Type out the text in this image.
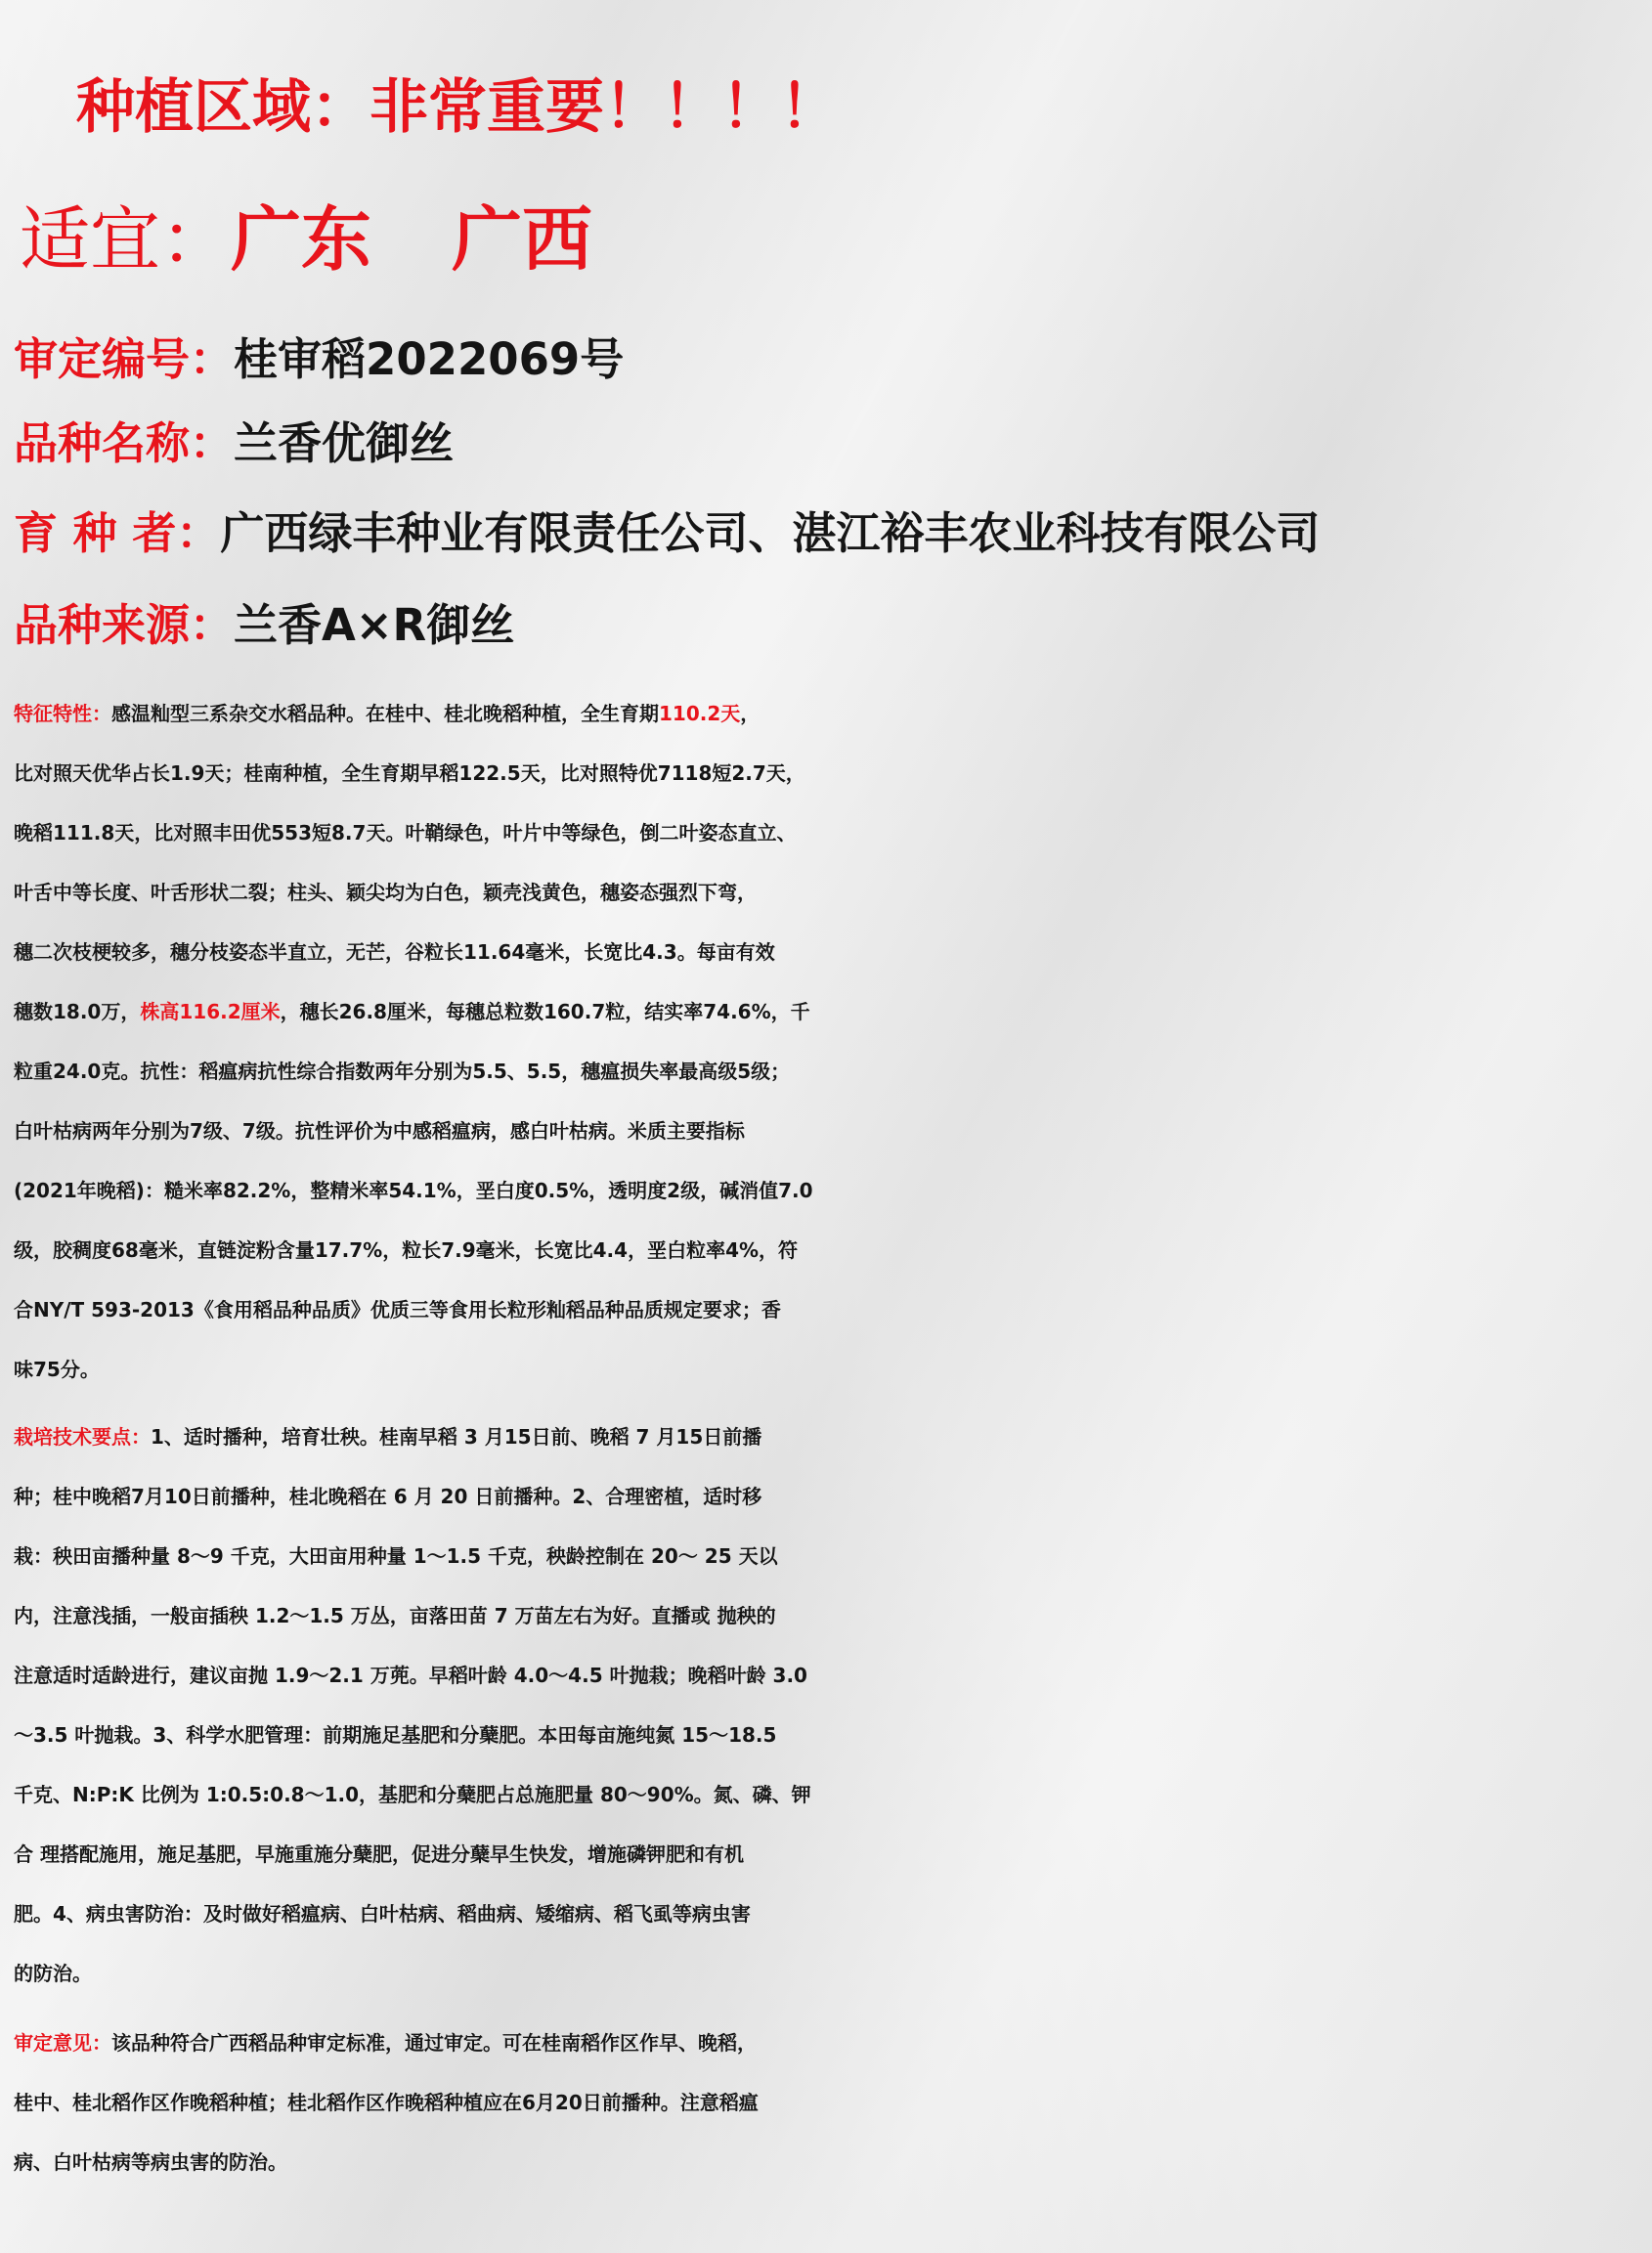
种植区域：非常重要！！！！
适宜：广东 广西
审定编号：桂审稻2022069号
品种名称：兰香优御丝
育 种 者：广西绿丰种业有限责任公司、湛江裕丰农业科技有限公司
品种来源：兰香A×R御丝
特征特性：感温籼型三系杂交水稻品种。在桂中、桂北晚稻种植，全生育期110.2天，
比对照天优华占长1.9天；桂南种植，全生育期早稻122.5天，比对照特优7118短2.7天，
晚稻111.8天，比对照丰田优553短8.7天。叶鞘绿色，叶片中等绿色，倒二叶姿态直立、
叶舌中等长度、叶舌形状二裂；柱头、颖尖均为白色，颖壳浅黄色，穗姿态强烈下弯，
穗二次枝梗较多，穗分枝姿态半直立，无芒，谷粒长11.64毫米，长宽比4.3。每亩有效
穗数18.0万，株高116.2厘米，穗长26.8厘米，每穗总粒数160.7粒，结实率74.6%，千
粒重24.0克。抗性：稻瘟病抗性综合指数两年分别为5.5、5.5，穗瘟损失率最高级5级；
白叶枯病两年分别为7级、7级。抗性评价为中感稻瘟病，感白叶枯病。米质主要指标
(2021年晚稻)：糙米率82.2%，整精米率54.1%，垩白度0.5%，透明度2级，碱消值7.0
级，胶稠度68毫米，直链淀粉含量17.7%，粒长7.9毫米，长宽比4.4，垩白粒率4%，符
合NY/T 593-2013《食用稻品种品质》优质三等食用长粒形籼稻品种品质规定要求；香
味75分。
栽培技术要点：1、适时播种，培育壮秧。桂南早稻 3 月15日前、晚稻 7 月15日前播
种；桂中晚稻7月10日前播种，桂北晚稻在 6 月 20 日前播种。2、合理密植，适时移
栽：秧田亩播种量 8～9 千克，大田亩用种量 1～1.5 千克，秧龄控制在 20～ 25 天以
内，注意浅插，一般亩插秧 1.2～1.5 万丛，亩落田苗 7 万苗左右为好。直播或 抛秧的
注意适时适龄进行，建议亩抛 1.9～2.1 万蔸。早稻叶龄 4.0～4.5 叶抛栽；晚稻叶龄 3.0
～3.5 叶抛栽。3、科学水肥管理：前期施足基肥和分蘖肥。本田每亩施纯氮 15～18.5
千克、N:P:K 比例为 1:0.5:0.8～1.0，基肥和分蘖肥占总施肥量 80～90%。氮、磷、钾
合 理搭配施用，施足基肥，早施重施分蘖肥，促进分蘖早生快发，增施磷钾肥和有机
肥。4、病虫害防治：及时做好稻瘟病、白叶枯病、稻曲病、矮缩病、稻飞虱等病虫害
的防治。
审定意见：该品种符合广西稻品种审定标准，通过审定。可在桂南稻作区作早、晚稻，
桂中、桂北稻作区作晚稻种植；桂北稻作区作晚稻种植应在6月20日前播种。注意稻瘟
病、白叶枯病等病虫害的防治。
